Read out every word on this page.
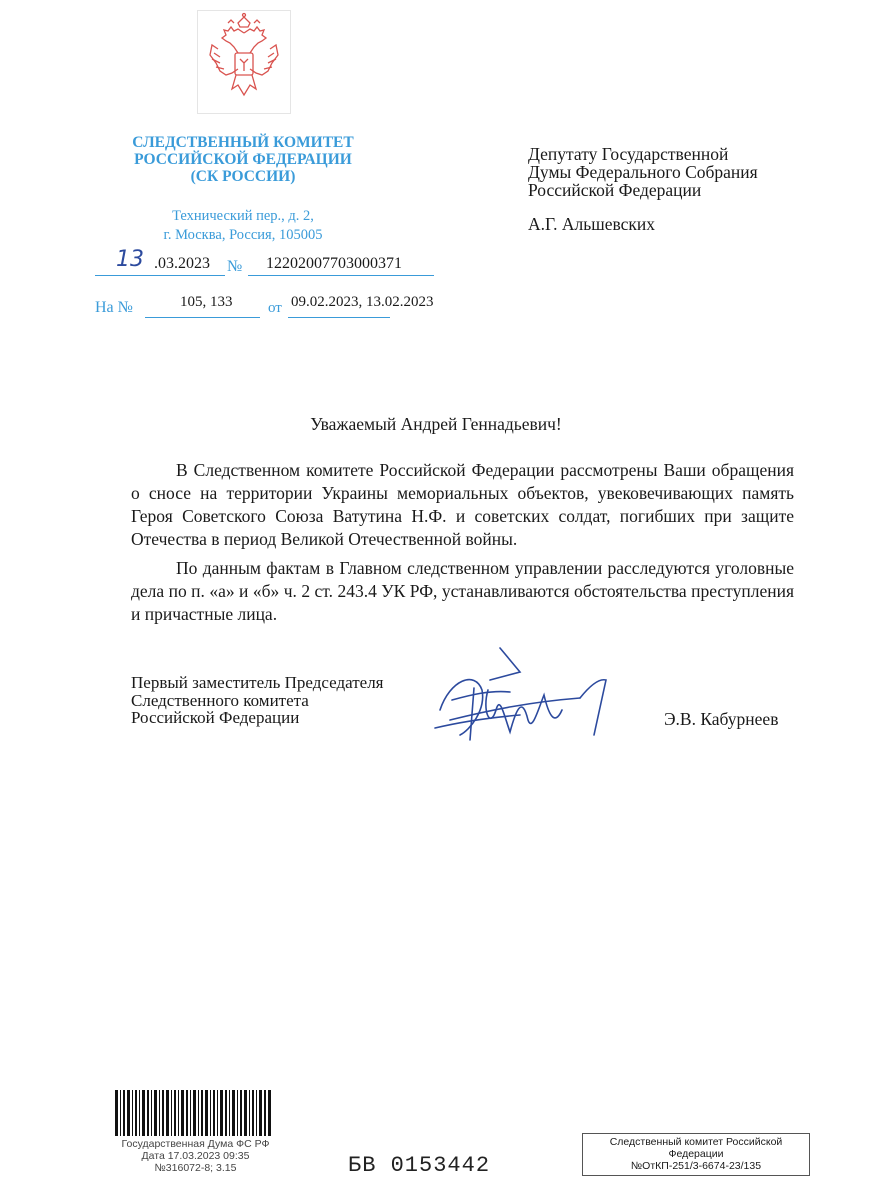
СЛЕДСТВЕННЫЙ КОМИТЕТ
РОССИЙСКОЙ ФЕДЕРАЦИИ
(СК РОССИИ)
Технический пер., д. 2,
г. Москва, Россия, 105005
13 .03.2023 № 12202007703000371
На №	105, 133 от 09.02.2023, 13.02.2023
Депутату Государственной
Думы Федерального Собрания
Российской Федерации
А.Г. Альшевских
Уважаемый Андрей Геннадьевич!

В Следственном комитете Российской Федерации рассмотрены Ваши обращения о сносе на территории Украины мемориальных объектов, увековечивающих память Героя Советского Союза Ватутина Н.Ф. и советских солдат, погибших при защите Отечества в период Великой Отечественной войны.

По данным фактам в Главном следственном управлении расследуются уголовные дела по п. «а» и «б» ч. 2 ст. 243.4 УК РФ, устанавливаются обстоятельства преступления и причастные лица.

Первый заместитель Председателя
Следственного комитета
Российской Федерации	Э.В. Кабурнеев
Государственная Дума ФС РФ
Дата 17.03.2023 09:35
№316072-8; 3.15	БВ 0153442
Следственный комитет Российской
Федерации
№ОтКП-251/3-6674-23/135
